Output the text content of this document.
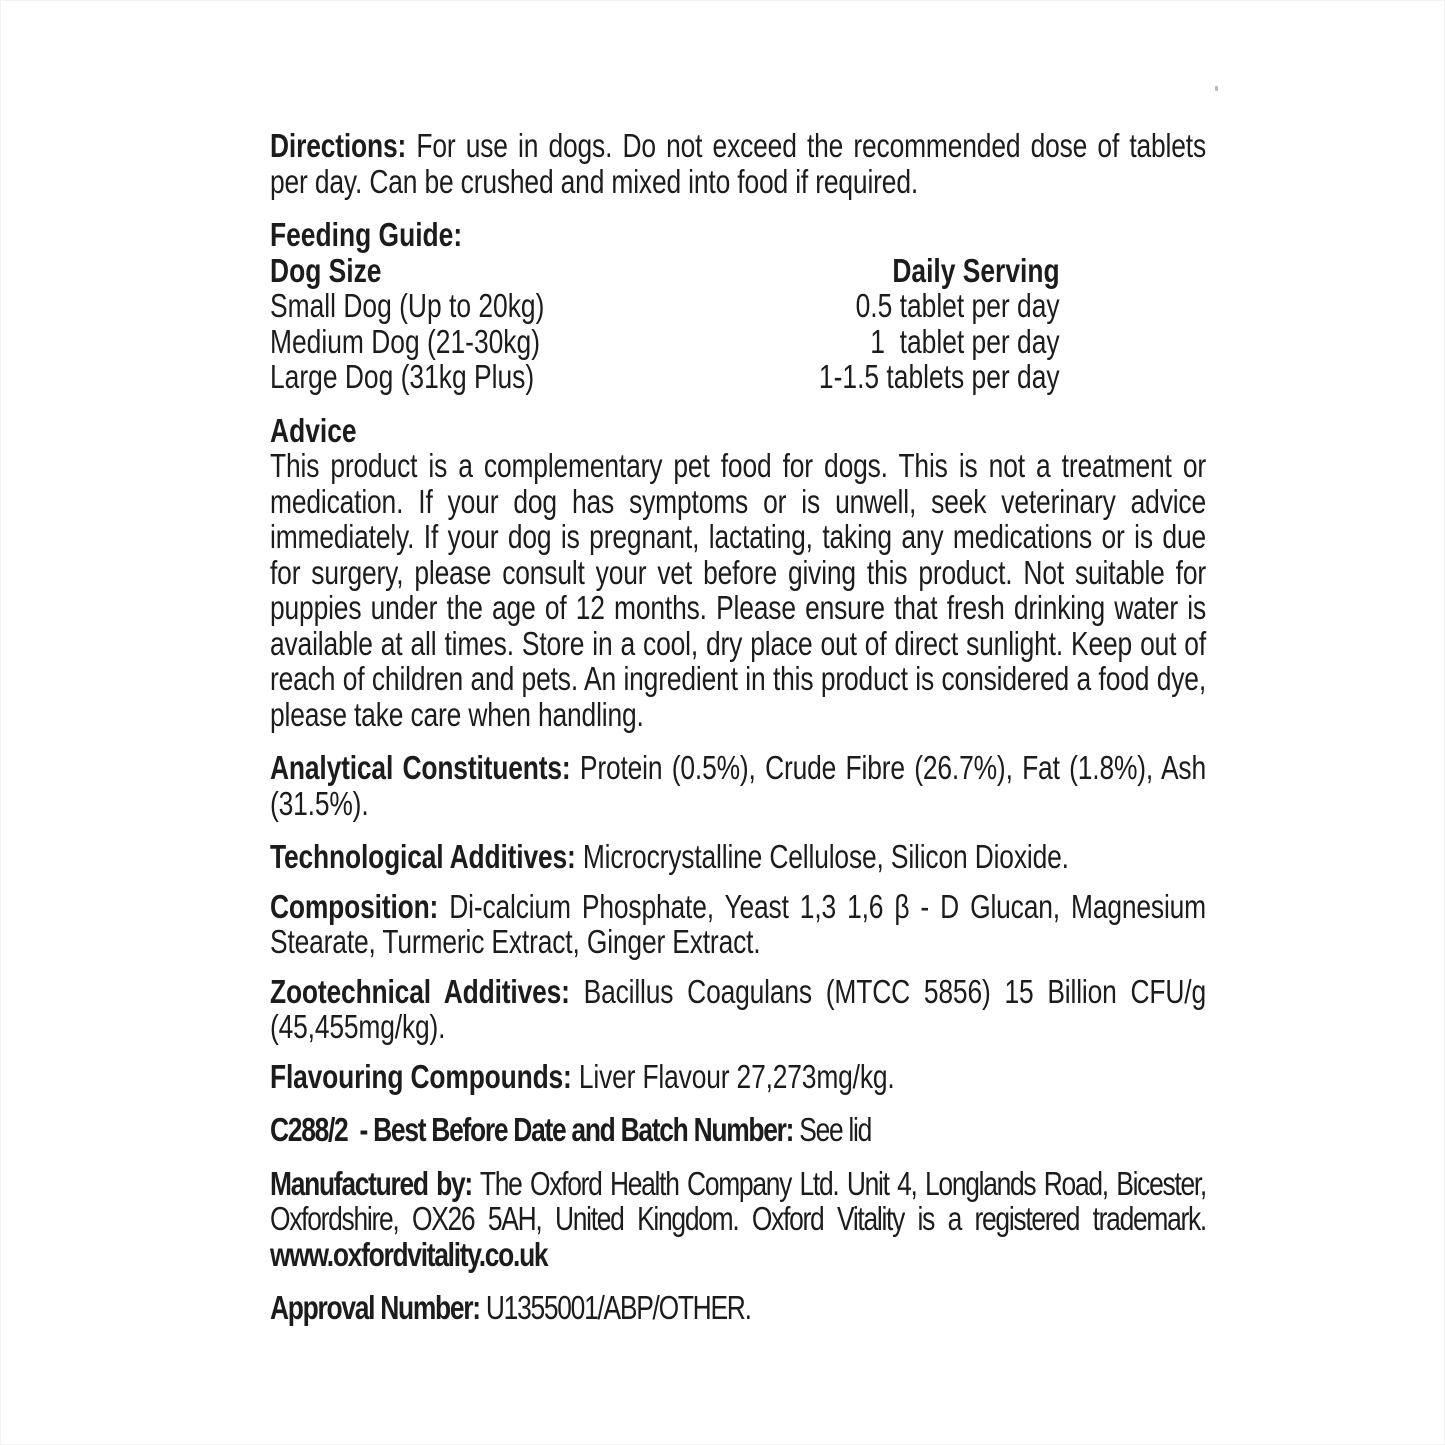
Directions: For use in dogs. Do not exceed the recommended dose of tablets per day. Can be crushed and mixed into food if required.

Feeding Guide:
Dog Size	Daily Serving
Small Dog (Up to 20kg)	0.5 tablet per day
Medium Dog (21-30kg)	1  tablet per day
Large Dog (31kg Plus)	1-1.5 tablets per day
Advice

This product is a complementary pet food for dogs. This is not a treatment or medication. If your dog has symptoms or is unwell, seek veterinary advice immediately. If your dog is pregnant, lactating, taking any medications or is due for surgery, please consult your vet before giving this product. Not suitable for puppies under the age of 12 months. Please ensure that fresh drinking water is available at all times. Store in a cool, dry place out of direct sunlight. Keep out of reach of children and pets. An ingredient in this product is considered a food dye, please take care when handling.

Analytical Constituents: Protein (0.5%), Crude Fibre (26.7%), Fat (1.8%), Ash (31.5%).

Technological Additives: Microcrystalline Cellulose, Silicon Dioxide.

Composition: Di-calcium Phosphate, Yeast 1,3 1,6 β - D Glucan, Magnesium Stearate, Turmeric Extract, Ginger Extract.

Zootechnical Additives: Bacillus Coagulans (MTCC 5856) 15 Billion CFU/g (45,455mg/kg).

Flavouring Compounds: Liver Flavour 27,273mg/kg.

C288/2  - Best Before Date and Batch Number: See lid

Manufactured by: The Oxford Health Company Ltd. Unit 4, Longlands Road, Bicester, Oxfordshire, OX26 5AH, United Kingdom. Oxford Vitality is a registered trademark. www.oxfordvitality.co.uk

Approval Number: U1355001/ABP/OTHER.
